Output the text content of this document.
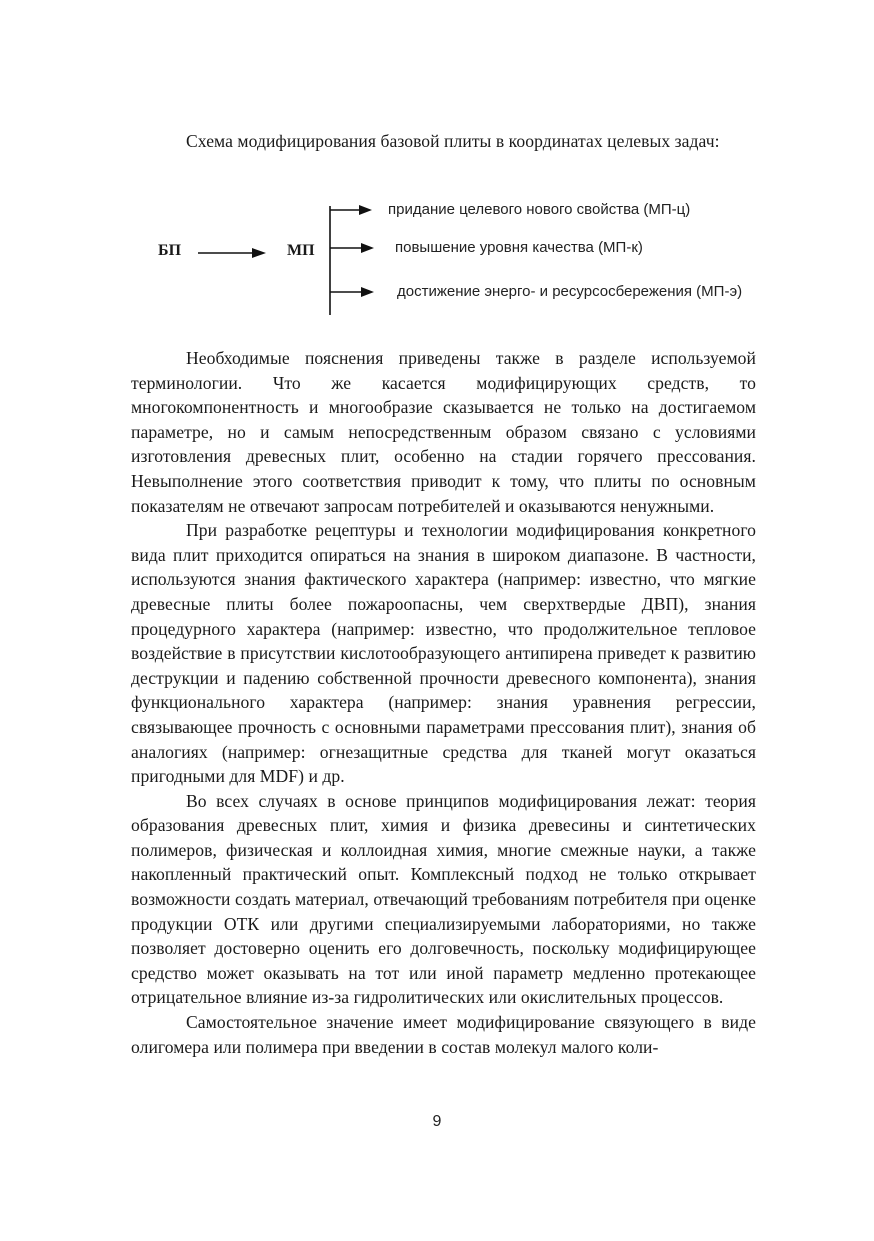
Схема модифицирования базовой плиты в координатах целевых задач:

БП	МП
придание целевого нового свойства (МП-ц)
повышение уровня качества (МП-к)
достижение энерго- и ресурсосбережения (МП-э)

Необходимые пояснения приведены также в разделе используемой терминологии. Что же касается модифицирующих средств, то многокомпонентность и многообразие сказывается не только на достигаемом параметре, но и самым непосредственным образом связано с условиями изготовления древесных плит, особенно на стадии горячего прессования. Невыполнение этого соответствия приводит к тому, что плиты по основным показателям не отвечают запросам потребителей и оказываются ненужными.

При разработке рецептуры и технологии модифицирования конкретного вида плит приходится опираться на знания в широком диапазоне. В частности, используются знания фактического характера (например: известно, что мягкие древесные плиты более пожароопасны, чем сверхтвердые ДВП), знания процедурного характера (например: известно, что продолжительное тепловое воздействие в присутствии кислотообразующего антипирена приведет к развитию деструкции и падению собственной прочности древесного компонента), знания функционального характера (например: знания уравнения регрессии, связывающее прочность с основными параметрами прессования плит), знания об аналогиях (например: огнезащитные средства для тканей могут оказаться пригодными для MDF) и др.

Во всех случаях в основе принципов модифицирования лежат: теория образования древесных плит, химия и физика древесины и синтетических полимеров, физическая и коллоидная химия, многие смежные науки, а также накопленный практический опыт. Комплексный подход не только открывает возможности создать материал, отвечающий требованиям потребителя при оценке продукции ОТК или другими специализируемыми лабораториями, но также позволяет достоверно оценить его долговечность, поскольку модифицирующее средство может оказывать на тот или иной параметр медленно протекающее отрицательное влияние из-за гидролитических или окислительных процессов.

Самостоятельное значение имеет модифицирование связующего в виде олигомера или полимера при введении в состав молекул малого коли-

9
